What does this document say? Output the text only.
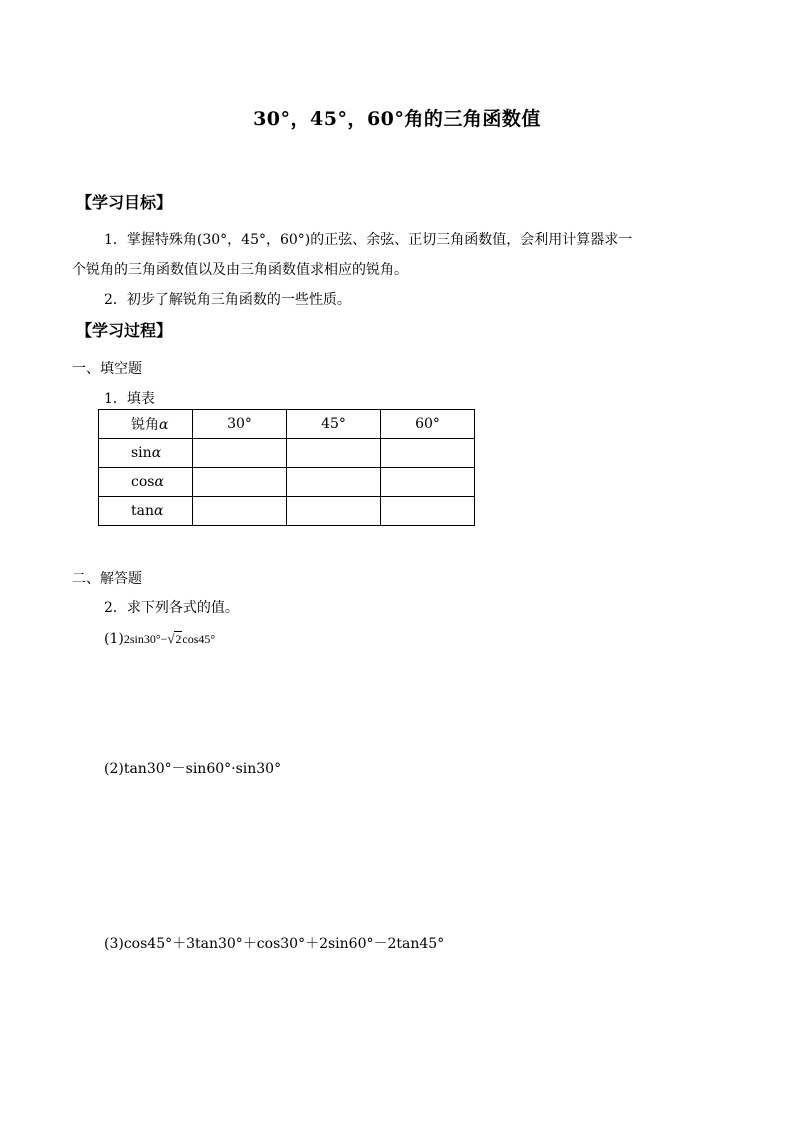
30°，45°，60°角的三角函数值
【学习目标】
1．掌握特殊角(30°，45°，60°)的正弦、余弦、正切三角函数值，会利用计算器求一
个锐角的三角函数值以及由三角函数值求相应的锐角。
2．初步了解锐角三角函数的一些性质。
【学习过程】
一、填空题
1．填表
锐角α	30°	45°	60°
sinα			
cosα			
tanα			
二、解答题
2．求下列各式的值。
(1)2sin30°− √ 2cos45°
(2)tan30°－sin60°·sin30°
(3)cos45°＋3tan30°＋cos30°＋2sin60°－2tan45°
